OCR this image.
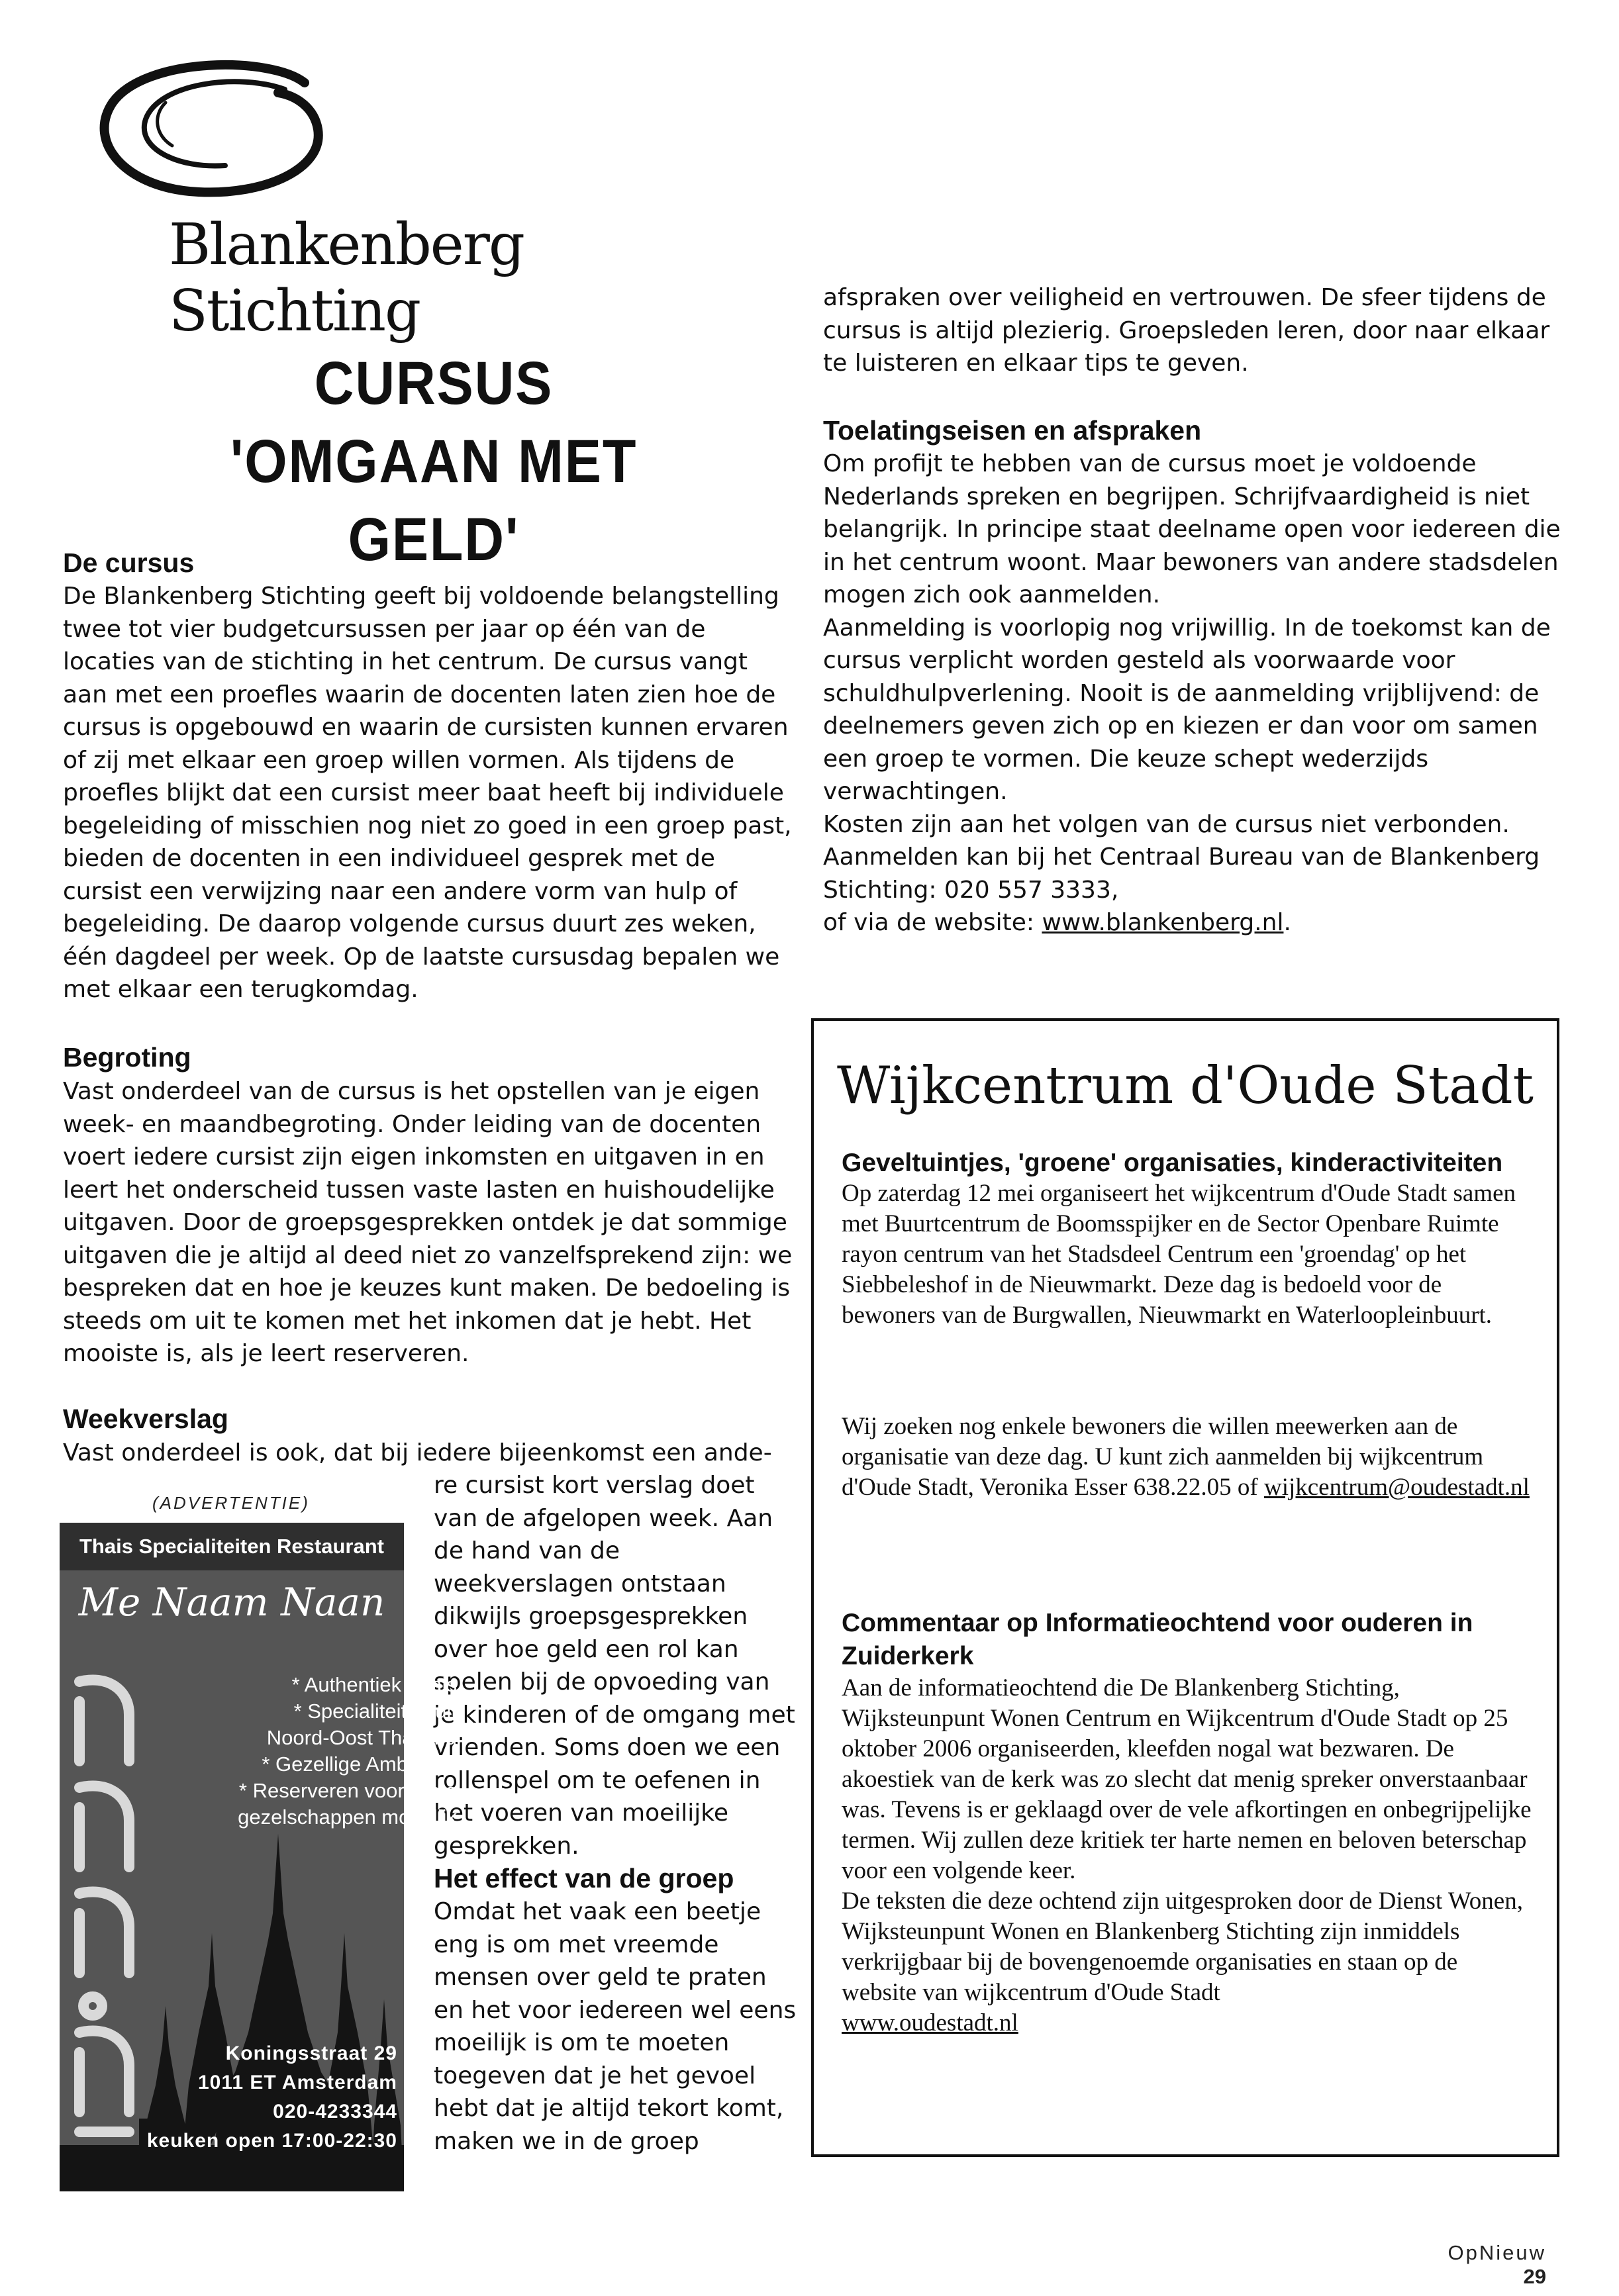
Blankenberg Stichting
CURSUS 'OMGAAN MET GELD'
De cursus
De Blankenberg Stichting geeft bij voldoende belangstelling twee tot vier budgetcursussen per jaar op één van de locaties van de stichting in het centrum. De cursus vangt aan met een proefles waarin de docenten laten zien hoe de cursus is opgebouwd en waarin de cursisten kunnen ervaren of zij met elkaar een groep willen vormen. Als tijdens de proefles blijkt dat een cursist meer baat heeft bij individuele begeleiding of misschien nog niet zo goed in een groep past, bieden de docenten in een individueel gesprek met de cursist een verwijzing naar een andere vorm van hulp of begeleiding. De daarop volgende cursus duurt zes weken, één dagdeel per week. Op de laatste cursusdag bepalen we met elkaar een terugkomdag.
Begroting
Vast onderdeel van de cursus is het opstellen van je eigen week- en maandbegroting. Onder leiding van de docenten voert iedere cursist zijn eigen inkomsten en uitgaven in en leert het onderscheid tussen vaste lasten en huishoudelijke uitgaven. Door de groepsgesprekken ontdek je dat sommige uitgaven die je altijd al deed niet zo vanzelfsprekend zijn: we bespreken dat en hoe je keuzes kunt maken. De bedoeling is steeds om uit te komen met het inkomen dat je hebt. Het mooiste is, als je leert reserveren.
Weekverslag
Vast onderdeel is ook, dat bij iedere bijeenkomst een ande-
re cursist kort verslag doet van de afgelopen week. Aan de hand van de weekverslagen ontstaan dikwijls groepsgesprekken over hoe geld een rol kan spelen bij de opvoeding van je kinderen of de omgang met vrienden. Soms doen we een rollenspel om te oefenen in het voeren van moeilijke gesprekken.
Het effect van de groep
Omdat het vaak een beetje eng is om met vreemde mensen over geld te praten en het voor iedereen wel eens moeilijk is om te moeten toegeven dat je het gevoel hebt dat je altijd tekort komt, maken we in de groep
(ADVERTENTIE)
Thais Specialiteiten Restaurant
Me Naam Naan
* Authentiek Thais
* Specialiteiten uit
Noord-Oost Thailand
* Gezellige Ambiance
* Reserveren voor grote
gezelschappen mogelijk
Koningsstraat 29
1011 ET Amsterdam
020-4233344
keuken open 17:00-22:30
afspraken over veiligheid en vertrouwen. De sfeer tijdens de cursus is altijd plezierig. Groepsleden leren, door naar elkaar te luisteren en elkaar tips te geven.
Toelatingseisen en afspraken
Om profijt te hebben van de cursus moet je voldoende Nederlands spreken en begrijpen. Schrijfvaardigheid is niet belangrijk. In principe staat deelname open voor iedereen die in het centrum woont. Maar bewoners van andere stadsdelen mogen zich ook aanmelden.
Aanmelding is voorlopig nog vrijwillig. In de toekomst kan de cursus verplicht worden gesteld als voorwaarde voor schuldhulpverlening. Nooit is de aanmelding vrijblijvend: de deelnemers geven zich op en kiezen er dan voor om samen een groep te vormen. Die keuze schept wederzijds verwachtingen.
Kosten zijn aan het volgen van de cursus niet verbonden.
Aanmelden kan bij het Centraal Bureau van de Blankenberg Stichting: 020 557 3333,
of via de website: www.blankenberg.nl.
Wijkcentrum d'Oude Stadt
Geveltuintjes, 'groene' organisaties, kinderactiviteiten
Op zaterdag 12 mei organiseert het wijkcentrum d'Oude Stadt samen met Buurtcentrum de Boomsspijker en de Sector Openbare Ruimte rayon centrum van het Stadsdeel Centrum een 'groendag' op het Siebbeleshof in de Nieuwmarkt. Deze dag is bedoeld voor de bewoners van de Burgwallen, Nieuwmarkt en Waterloopleinbuurt.
Wij zoeken nog enkele bewoners die willen meewerken aan de organisatie van deze dag. U kunt zich aanmelden bij wijkcentrum d'Oude Stadt, Veronika Esser 638.22.05 of wijkcentrum@oudestadt.nl
Commentaar op Informatieochtend voor ouderen in Zuiderkerk
Aan de informatieochtend die De Blankenberg Stichting, Wijksteunpunt Wonen Centrum en Wijkcentrum d'Oude Stadt op 25 oktober 2006 organiseerden, kleefden nogal wat bezwaren. De akoestiek van de kerk was zo slecht dat menig spreker onverstaanbaar was. Tevens is er geklaagd over de vele afkortingen en onbegrijpelijke termen. Wij zullen deze kritiek ter harte nemen en beloven beterschap voor een volgende keer.
De teksten die deze ochtend zijn uitgesproken door de Dienst Wonen, Wijksteunpunt Wonen en Blankenberg Stichting zijn inmiddels verkrijgbaar bij de bovengenoemde organisaties en staan op de website van wijkcentrum d'Oude Stadt
www.oudestadt.nl
OpNieuw 29
